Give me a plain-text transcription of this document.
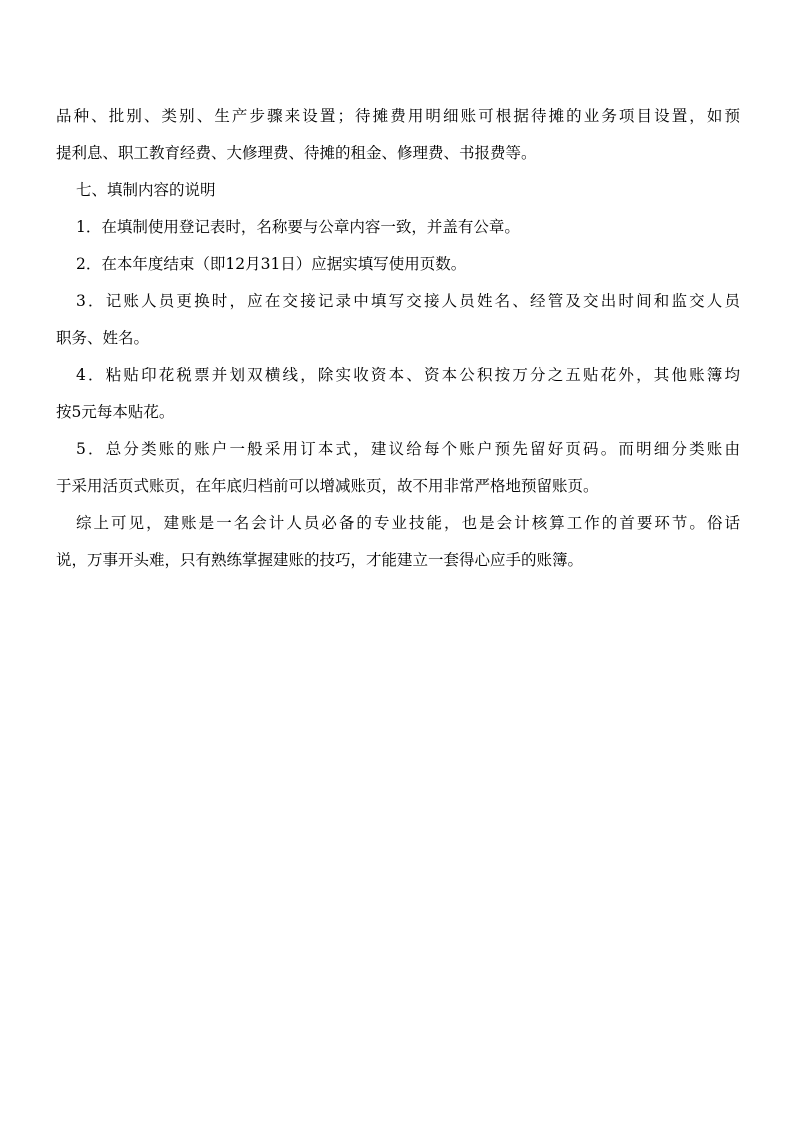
品种、批别、类别、生产步骤来设置；待摊费用明细账可根据待摊的业务项目设置，如预
提利息、职工教育经费、大修理费、待摊的租金、修理费、书报费等。
七、填制内容的说明
1．在填制使用登记表时，名称要与公章内容一致，并盖有公章。
2．在本年度结束（即12月31日）应据实填写使用页数。
3．记账人员更换时，应在交接记录中填写交接人员姓名、经管及交出时间和监交人员
职务、姓名。
4．粘贴印花税票并划双横线，除实收资本、资本公积按万分之五贴花外，其他账簿均
按5元每本贴花。
5．总分类账的账户一般采用订本式，建议给每个账户预先留好页码。而明细分类账由
于采用活页式账页，在年底归档前可以增减账页，故不用非常严格地预留账页。
综上可见，建账是一名会计人员必备的专业技能，也是会计核算工作的首要环节。俗话
说，万事开头难，只有熟练掌握建账的技巧，才能建立一套得心应手的账簿。
